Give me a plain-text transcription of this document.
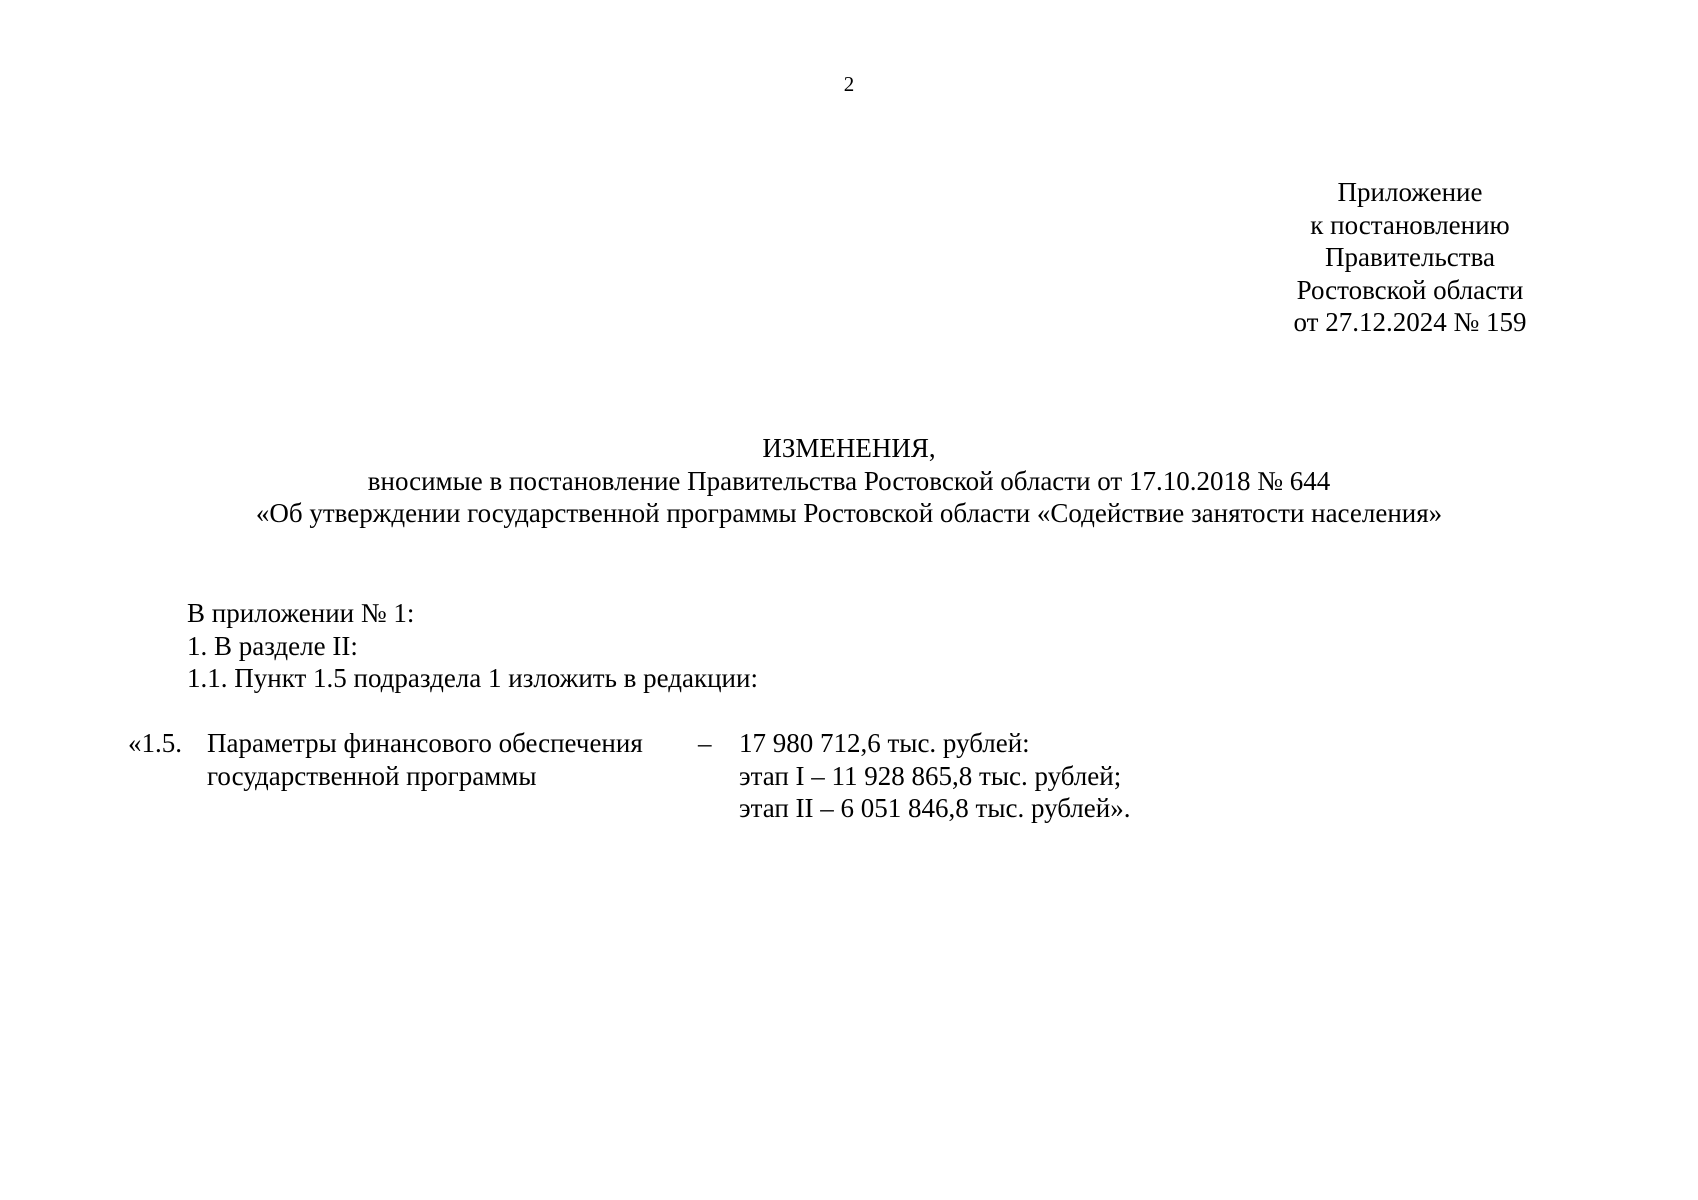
2
Приложение
к постановлению
Правительства
Ростовской области
от 27.12.2024 № 159
ИЗМЕНЕНИЯ,
вносимые в постановление Правительства Ростовской области от 17.10.2018 № 644
«Об утверждении государственной программы Ростовской области «Содействие занятости населения»
В приложении № 1:
1. В разделе II:
1.1. Пункт 1.5 подраздела 1 изложить в редакции:
«1.5. Параметры финансового обеспечения
государственной программы
– 17 980 712,6 тыс. рублей:
этап I – 11 928 865,8 тыс. рублей;
этап II – 6 051 846,8 тыс. рублей».
